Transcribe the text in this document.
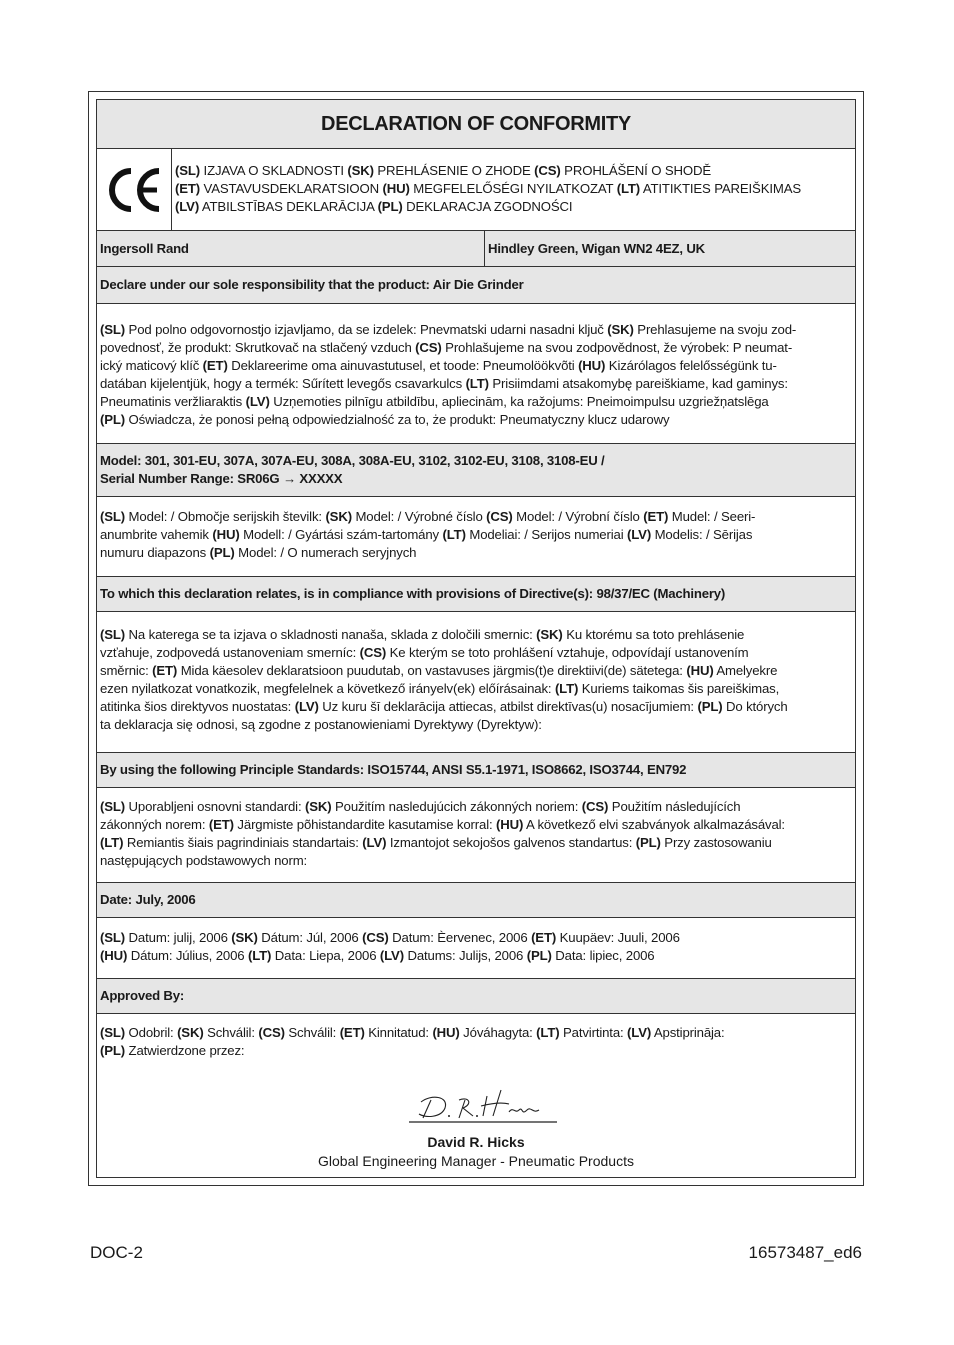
DECLARATION OF CONFORMITY
(SL) IZJAVA O SKLADNOSTI (SK) PREHLÁSENIE O ZHODE (CS) PROHLÁŠENÍ O SHODĚ
(ET) VASTAVUSDEKLARATSIOON (HU) MEGFELELŐSÉGI NYILATKOZAT (LT) ATITIKTIES PAREIŠKIMAS
(LV) ATBILSTĪBAS DEKLARĀCIJA (PL) DEKLARACJA ZGODNOŚCI
Ingersoll Rand	Hindley Green, Wigan WN2 4EZ, UK
Declare under our sole responsibility that the product: Air Die Grinder
(SL) Pod polno odgovornostjo izjavljamo, da se izdelek: Pnevmatski udarni nasadni ključ (SK) Prehlasujeme na svoju zod-
povednosť, že produkt: Skrutkovač na stlačený vzduch (CS) Prohlašujeme na svou zodpovědnost, že výrobek: P neumat-
ický maticový klíč (ET) Deklareerime oma ainuvastutusel, et toode: Pneumolöökvõti (HU) Kizárólagos felelősségünk tu-
datában kijelentjük, hogy a termék: Sűrített levegős csavarkulcs (LT) Prisiimdami atsakomybę pareiškiame, kad gaminys:
Pneumatinis veržliaraktis (LV) Uzņemoties pilnīgu atbildību, apliecinām, ka ražojums: Pneimoimpulsu uzgriežņatslēga
(PL) Oświadcza, że ponosi pełną odpowiedzialność za to, że produkt: Pneumatyczny klucz udarowy
Model: 301, 301-EU, 307A, 307A-EU, 308A, 308A-EU, 3102, 3102-EU, 3108, 3108-EU /
Serial Number Range: SR06G → XXXXX
(SL) Model: / Območje serijskih številk: (SK) Model: / Výrobné číslo (CS) Model: / Výrobní číslo (ET) Mudel: / Seeri-
anumbrite vahemik (HU) Modell: / Gyártási szám-tartomány (LT) Modeliai: / Serijos numeriai (LV) Modelis: / Sērijas
numuru diapazons (PL) Model: / O numerach seryjnych
To which this declaration relates, is in compliance with provisions of Directive(s): 98/37/EC (Machinery)
(SL) Na katerega se ta izjava o skladnosti nanaša, sklada z določili smernic: (SK) Ku ktorému sa toto prehlásenie
vzťahuje, zodpovedá ustanoveniam smerníc: (CS) Ke kterým se toto prohlášení vztahuje, odpovídají ustanovením
směrnic: (ET) Mida käesolev deklaratsioon puudutab, on vastavuses järgmis(t)e direktiivi(de) sätetega: (HU) Amelyekre
ezen nyilatkozat vonatkozik, megfelelnek a következő irányelv(ek) előírásainak: (LT) Kuriems taikomas šis pareiškimas,
atitinka šios direktyvos nuostatas: (LV) Uz kuru šī deklarācija attiecas, atbilst direktīvas(u) nosacījumiem: (PL) Do których
ta deklaracja się odnosi, są zgodne z postanowieniami Dyrektywy (Dyrektyw):
By using the following Principle Standards: ISO15744, ANSI S5.1-1971, ISO8662, ISO3744, EN792
(SL) Uporabljeni osnovni standardi: (SK) Použitím nasledujúcich zákonných noriem: (CS) Použitím následujících
zákonných norem: (ET) Järgmiste põhistandardite kasutamise korral: (HU) A következő elvi szabványok alkalmazásával:
(LT) Remiantis šiais pagrindiniais standartais: (LV) Izmantojot sekojošos galvenos standartus: (PL) Przy zastosowaniu
następujących podstawowych norm:
Date: July, 2006
(SL) Datum: julij, 2006 (SK) Dátum: Júl, 2006 (CS) Datum: Èervenec, 2006 (ET) Kuupäev: Juuli, 2006
(HU) Dátum: Július, 2006 (LT) Data: Liepa, 2006 (LV) Datums: Julijs, 2006 (PL) Data: lipiec, 2006
Approved By:
(SL) Odobril: (SK) Schválil: (CS) Schválil: (ET) Kinnitatud: (HU) Jóváhagyta: (LT) Patvirtinta: (LV) Apstiprināja:
(PL) Zatwierdzone przez:
David R. Hicks
Global Engineering Manager - Pneumatic Products
DOC-2	16573487_ed6
